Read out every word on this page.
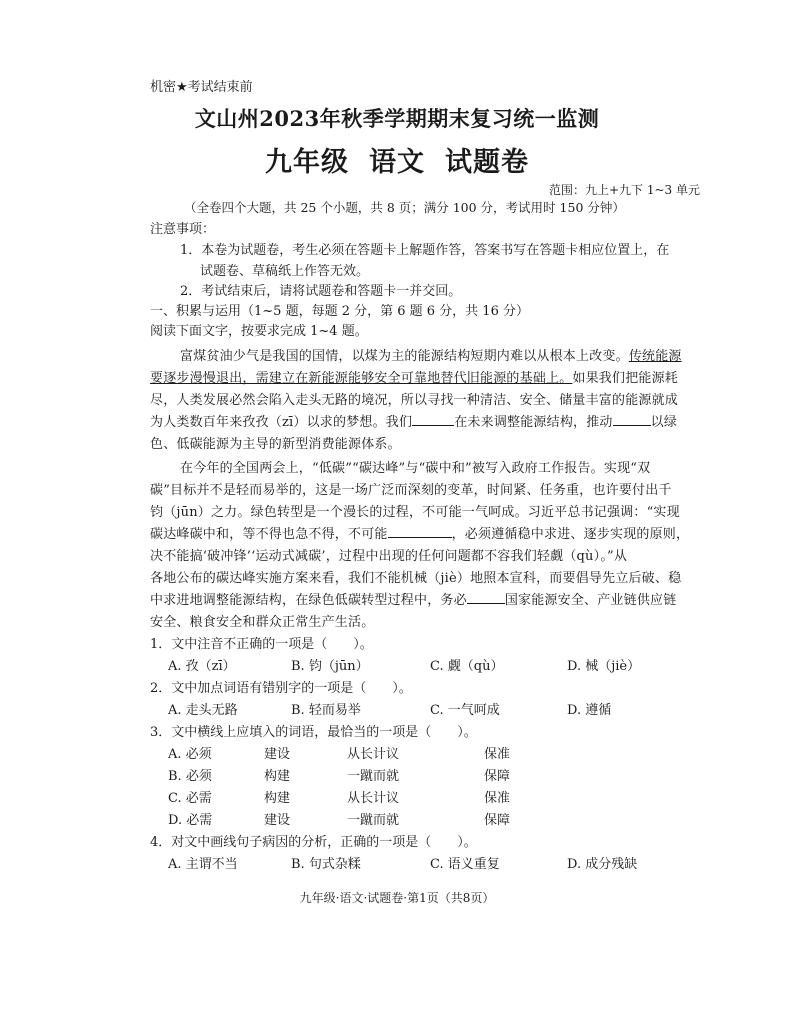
机密★考试结束前
文山州2023年秋季学期期末复习统一监测
九年级 语文 试题卷
范围：九上+九下 1~3 单元
（全卷四个大题，共 25 个小题，共 8 页；满分 100 分，考试用时 150 分钟）
注意事项：
1．本卷为试题卷，考生必须在答题卡上解题作答，答案书写在答题卡相应位置上，在
试题卷、草稿纸上作答无效。
2．考试结束后，请将试题卷和答题卡一并交回。
一、积累与运用（1~5 题，每题 2 分，第 6 题 6 分，共 16 分）
阅读下面文字，按要求完成 1~4 题。
富煤贫油少气是我国的国情，以煤为主的能源结构短期内难以从根本上改变。传统能源
要逐步漫慢退出，需建立在新能源能够安全可靠地替代旧能源的基础上。如果我们把能源耗
尽，人类发展必然会陷入走头无路的境况，所以寻找一种清洁、安全、储量丰富的能源就成
为人类数百年来孜孜（zī）以求的梦想。我们	在未来调整能源结构，推动	以绿
色、低碳能源为主导的新型消费能源体系。
在今年的全国两会上，“低碳”“碳达峰”与“碳中和”被写入政府工作报告。实现“双
碳”目标并不是轻而易举的，这是一场广泛而深刻的变革，时间紧、任务重，也许要付出千
钧（jūn）之力。绿色转型是一个漫长的过程，不可能一气呵成。习近平总书记强调：“实现
碳达峰碳中和，等不得也急不得，不可能	，必须遵循稳中求进、逐步实现的原则，
决不能搞‘破冲锋’‘运动式减碳’，过程中出现的任何问题都不容我们轻觑（qù）。”从
各地公布的碳达峰实施方案来看，我们不能机械（jiè）地照本宣科，而要倡导先立后破、稳
中求进地调整能源结构，在绿色低碳转型过程中，务必	国家能源安全、产业链供应链
安全、粮食安全和群众正常生产生活。
1．文中注音不正确的一项是（　　）。
A. 孜（zī）	B. 钧（jūn）	C. 觑（qù）	D. 械（jiè）
2．文中加点词语有错别字的一项是（　　）。
A. 走头无路	B. 轻而易举	C. 一气呵成	D. 遵循
3．文中横线上应填入的词语，最恰当的一项是（　　）。
A. 必须	建设	从长计议	保准
B. 必须	构建	一蹴而就	保障
C. 必需	构建	从长计议	保准
D. 必需	建设	一蹴而就	保障
4．对文中画线句子病因的分析，正确的一项是（　　）。
A. 主谓不当	B. 句式杂糅	C. 语义重复	D. 成分残缺
九年级·语文·试题卷·第1页（共8页）
